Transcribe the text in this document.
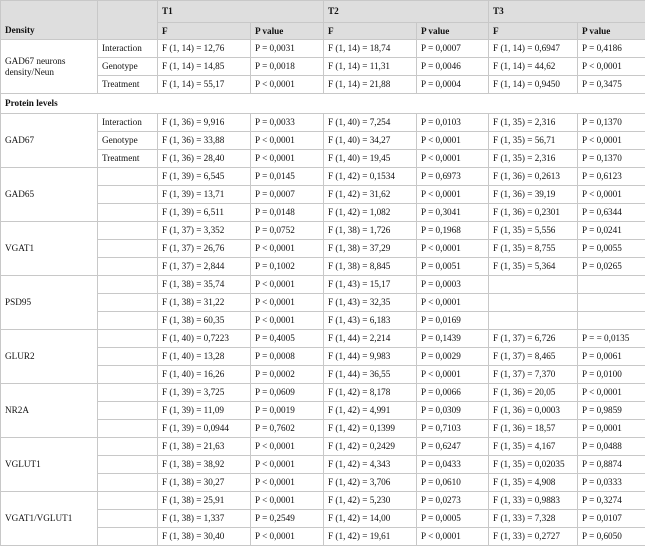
Density		T1		T2		T3	
		F	P value	F	P value	F	P value
GAD67 neurons density/Neun	Interaction	F (1, 14) = 12,76	P = 0,0031	F (1, 14) = 18,74	P = 0,0007	F (1, 14) = 0,6947	P = 0,4186
	Genotype	F (1, 14) = 14,85	P = 0,0018	F (1, 14) = 11,31	P = 0,0046	F (1, 14) = 44,62	P < 0,0001
	Treatment	F (1, 14) = 55,17	P < 0,0001	F (1, 14) = 21,88	P = 0,0004	F (1, 14) = 0,9450	P = 0,3475
Protein levels							
GAD67	Interaction	F (1, 36) = 9,916	P = 0,0033	F (1, 40) = 7,254	P = 0,0103	F (1, 35) = 2,316	P = 0,1370
	Genotype	F (1, 36) = 33,88	P < 0,0001	F (1, 40) = 34,27	P < 0,0001	F (1, 35) = 56,71	P < 0,0001
	Treatment	F (1, 36) = 28,40	P < 0,0001	F (1, 40) = 19,45	P < 0,0001	F (1, 35) = 2,316	P = 0,1370
GAD65		F (1, 39) = 6,545	P = 0,0145	F (1, 42) = 0,1534	P = 0,6973	F (1, 36) = 0,2613	P = 0,6123
		F (1, 39) = 13,71	P = 0,0007	F (1, 42) = 31,62	P < 0,0001	F (1, 36) = 39,19	P < 0,0001
		F (1, 39) = 6,511	P = 0,0148	F (1, 42) = 1,082	P = 0,3041	F (1, 36) = 0,2301	P = 0,6344
VGAT1		F (1, 37) = 3,352	P = 0,0752	F (1, 38) = 1,726	P = 0,1968	F (1, 35) = 5,556	P = 0,0241
		F (1, 37) = 26,76	P < 0,0001	F (1, 38) = 37,29	P < 0,0001	F (1, 35) = 8,755	P = 0,0055
		F (1, 37) = 2,844	P = 0,1002	F (1, 38) = 8,845	P = 0,0051	F (1, 35) = 5,364	P = 0,0265
PSD95		F (1, 38) = 35,74	P < 0,0001	F (1, 43) = 15,17	P = 0,0003		
		F (1, 38) = 31,22	P < 0,0001	F (1, 43) = 32,35	P < 0,0001		
		F (1, 38) = 60,35	P < 0,0001	F (1, 43) = 6,183	P = 0,0169		
GLUR2		F (1, 40) = 0,7223	P = 0,4005	F (1, 44) = 2,214	P = 0,1439	F (1, 37) = 6,726	P = = 0,0135
		F (1, 40) = 13,28	P = 0,0008	F (1, 44) = 9,983	P = 0,0029	F (1, 37) = 8,465	P = 0,0061
		F (1, 40) = 16,26	P = 0,0002	F (1, 44) = 36,55	P < 0,0001	F (1, 37) = 7,370	P = 0,0100
NR2A		F (1, 39) = 3,725	P = 0,0609	F (1, 42) = 8,178	P = 0,0066	F (1, 36) = 20,05	P < 0,0001
		F (1, 39) = 11,09	P = 0,0019	F (1, 42) = 4,991	P = 0,0309	F (1, 36) = 0,0003	P = 0,9859
		F (1, 39) = 0,0944	P = 0,7602	F (1, 42) = 0,1399	P = 0,7103	F (1, 36) = 18,57	P = 0,0001
VGLUT1		F (1, 38) = 21,63	P < 0,0001	F (1, 42) = 0,2429	P = 0,6247	F (1, 35) = 4,167	P = 0,0488
		F (1, 38) = 38,92	P < 0,0001	F (1, 42) = 4,343	P = 0,0433	F (1, 35) = 0,02035	P = 0,8874
		F (1, 38) = 30,27	P < 0,0001	F (1, 42) = 3,706	P = 0,0610	F (1, 35) = 4,908	P = 0,0333
VGAT1/VGLUT1		F (1, 38) = 25,91	P < 0,0001	F (1, 42) = 5,230	P = 0,0273	F (1, 33) = 0,9883	P = 0,3274
		F (1, 38) = 1,337	P = 0,2549	F (1, 42) = 14,00	P = 0,0005	F (1, 33) = 7,328	P = 0,0107
		F (1, 38) = 30,40	P < 0,0001	F (1, 42) = 19,61	P < 0,0001	F (1, 33) = 0,2727	P = 0,6050
